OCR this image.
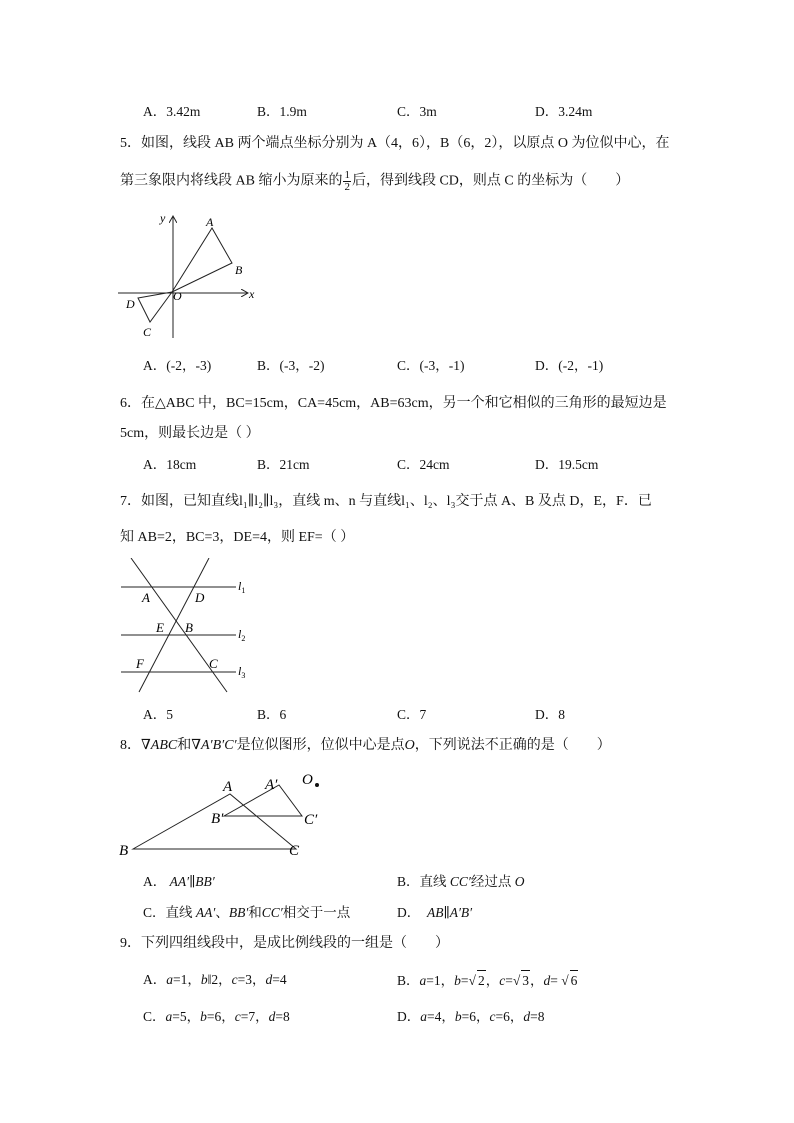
A．3.42m	B．1.9m	C．3m	D．3.24m
5．如图，线段 AB 两个端点坐标分别为 A（4，6），B（6，2），以原点 O 为位似中心，在
第三象限内将线段 AB 缩小为原来的 $\frac{1}{2}$ 后，得到线段 CD，则点 C 的坐标为（　　）
y
x
A
B
O
D
C
A．(-2，-3)	B．(-3，-2)	C．(-3，-1)	D．(-2，-1)
6．在△ABC 中，BC=15cm，CA=45cm，AB=63cm，另一个和它相似的三角形的最短边是
5cm，则最长边是（ ）
A．18cm	B．21cm	C．24cm	D．19.5cm
7．如图，已知直线l₁∥l₂∥l₃，直线 m、n 与直线l₁、l₂、l₃交于点 A、B 及点 D，E，F．已
知 AB=2，BC=3，DE=4，则 EF=（ ）
A	D
E B
F	C
$l_1$
$l_2$
$l_3$
A．5	B．6	C．7	D．8
8．∇ABC和∇A′B′C′是位似图形，位似中心是点O，下列说法不正确的是（　　）
A A′ O
B′	C′
B	C
A． AA′∥BB′	B．直线 CC′经过点 O
C．直线 AA′、BB′和CC′相交于一点	D． AB∥A′B′
9．下列四组线段中，是成比例线段的一组是（　　）
A．a=1，b‖2，c=3，d=4	B．a=1，b=√ 2，c=√ 3，d= √ 6
C．a=5，b=6，c=7，d=8	D．a=4，b=6，c=6，d=8
